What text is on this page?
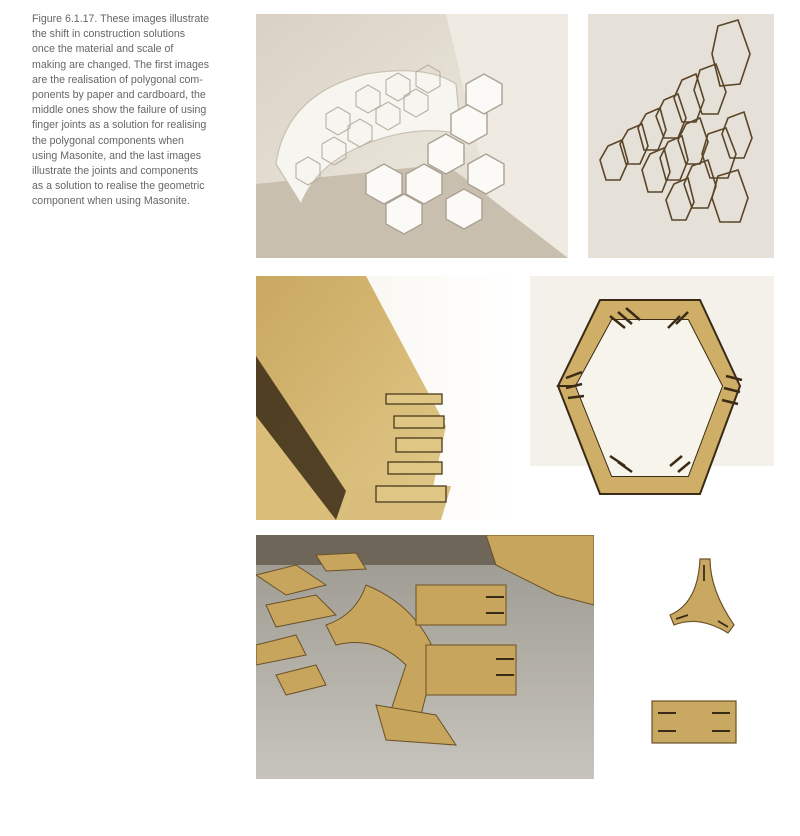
Figure 6.1.17. These images illustrate

the shift in construction solutions

once the material and scale of

making are changed. The first images

are the realisation of polygonal com-

ponents by paper and cardboard, the

middle ones show the failure of using

finger joints as a solution for realising

the polygonal components when

using Masonite, and the last images

illustrate the joints and components

as a solution to realise the geometric

component when using Masonite.
